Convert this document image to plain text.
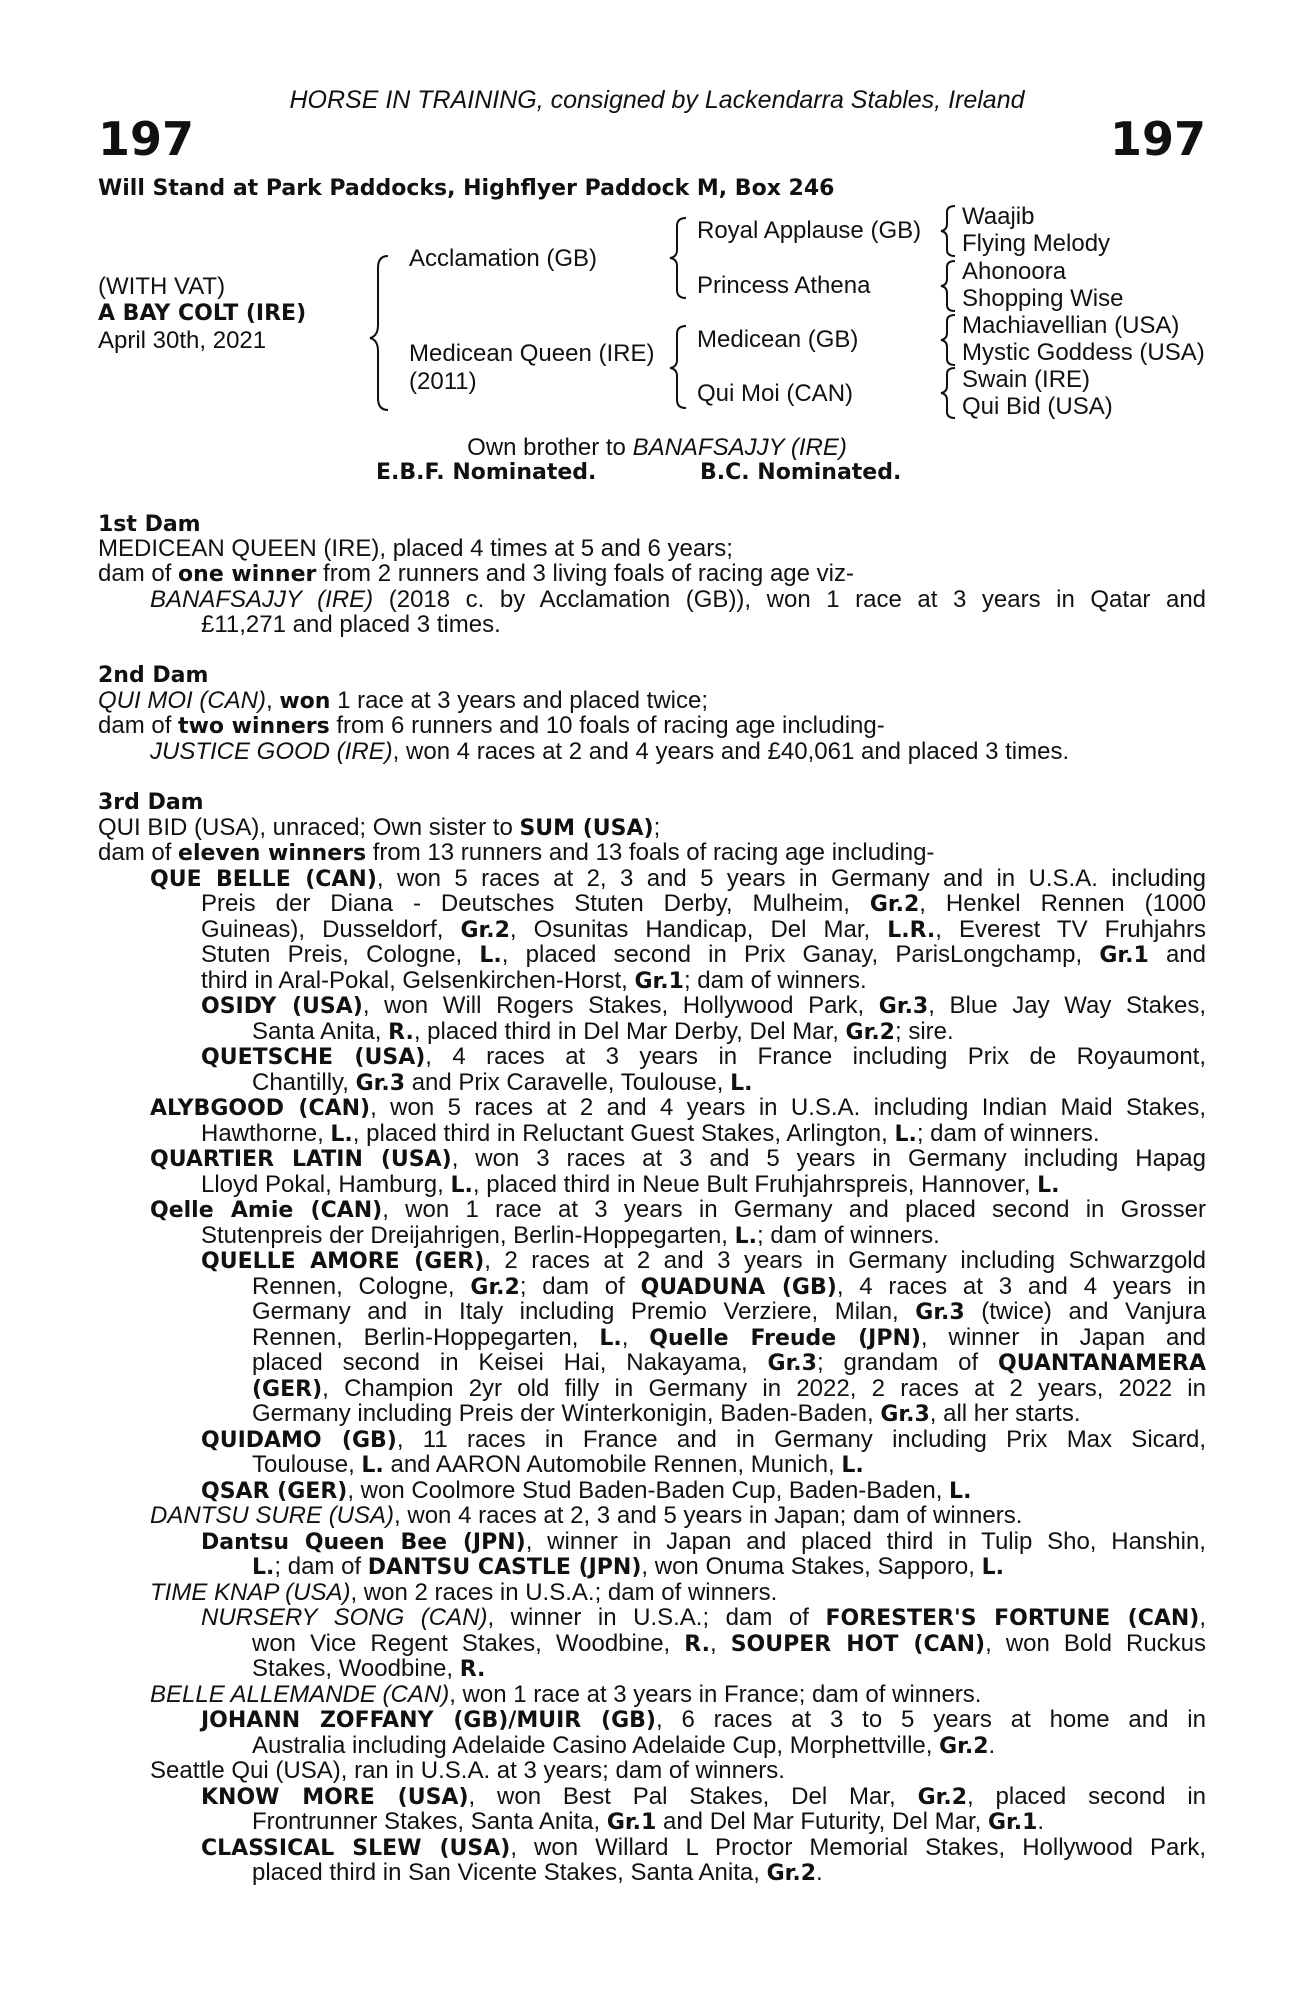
HORSE IN TRAINING, consigned by Lackendarra Stables, Ireland
197	197
Will Stand at Park Paddocks, Highflyer Paddock M, Box 246
(WITH VAT)
A BAY COLT (IRE)
April 30th, 2021
Acclamation (GB)
Medicean Queen (IRE)
(2011)
Royal Applause (GB)
Princess Athena
Medicean (GB)
Qui Moi (CAN)
Waajib
Flying Melody
Ahonoora
Shopping Wise
Machiavellian (USA)
Mystic Goddess (USA)
Swain (IRE)
Qui Bid (USA)
Own brother to BANAFSAJJY (IRE)
E.B.F. Nominated.	B.C. Nominated.
1st Dam
MEDICEAN QUEEN (IRE), placed 4 times at 5 and 6 years;
dam of one winner from 2 runners and 3 living foals of racing age viz-
BANAFSAJJY (IRE) (2018 c. by Acclamation (GB)), won 1 race at 3 years in Qatar and
£11,271 and placed 3 times.
2nd Dam
QUI MOI (CAN), won 1 race at 3 years and placed twice;
dam of two winners from 6 runners and 10 foals of racing age including-
JUSTICE GOOD (IRE), won 4 races at 2 and 4 years and £40,061 and placed 3 times.
3rd Dam
QUI BID (USA), unraced; Own sister to SUM (USA);
dam of eleven winners from 13 runners and 13 foals of racing age including-
QUE BELLE (CAN), won 5 races at 2, 3 and 5 years in Germany and in U.S.A. including
Preis der Diana - Deutsches Stuten Derby, Mulheim, Gr.2, Henkel Rennen (1000
Guineas), Dusseldorf, Gr.2, Osunitas Handicap, Del Mar, L.R., Everest TV Fruhjahrs
Stuten Preis, Cologne, L., placed second in Prix Ganay, ParisLongchamp, Gr.1 and
third in Aral-Pokal, Gelsenkirchen-Horst, Gr.1; dam of winners.
OSIDY (USA), won Will Rogers Stakes, Hollywood Park, Gr.3, Blue Jay Way Stakes,
Santa Anita, R., placed third in Del Mar Derby, Del Mar, Gr.2; sire.
QUETSCHE (USA), 4 races at 3 years in France including Prix de Royaumont,
Chantilly, Gr.3 and Prix Caravelle, Toulouse, L.
ALYBGOOD (CAN), won 5 races at 2 and 4 years in U.S.A. including Indian Maid Stakes,
Hawthorne, L., placed third in Reluctant Guest Stakes, Arlington, L.; dam of winners.
QUARTIER LATIN (USA), won 3 races at 3 and 5 years in Germany including Hapag
Lloyd Pokal, Hamburg, L., placed third in Neue Bult Fruhjahrspreis, Hannover, L.
Qelle Amie (CAN), won 1 race at 3 years in Germany and placed second in Grosser
Stutenpreis der Dreijahrigen, Berlin-Hoppegarten, L.; dam of winners.
QUELLE AMORE (GER), 2 races at 2 and 3 years in Germany including Schwarzgold
Rennen, Cologne, Gr.2; dam of QUADUNA (GB), 4 races at 3 and 4 years in
Germany and in Italy including Premio Verziere, Milan, Gr.3 (twice) and Vanjura
Rennen, Berlin-Hoppegarten, L., Quelle Freude (JPN), winner in Japan and
placed second in Keisei Hai, Nakayama, Gr.3; grandam of QUANTANAMERA
(GER), Champion 2yr old filly in Germany in 2022, 2 races at 2 years, 2022 in
Germany including Preis der Winterkonigin, Baden-Baden, Gr.3, all her starts.
QUIDAMO (GB), 11 races in France and in Germany including Prix Max Sicard,
Toulouse, L. and AARON Automobile Rennen, Munich, L.
QSAR (GER), won Coolmore Stud Baden-Baden Cup, Baden-Baden, L.
DANTSU SURE (USA), won 4 races at 2, 3 and 5 years in Japan; dam of winners.
Dantsu Queen Bee (JPN), winner in Japan and placed third in Tulip Sho, Hanshin,
L.; dam of DANTSU CASTLE (JPN), won Onuma Stakes, Sapporo, L.
TIME KNAP (USA), won 2 races in U.S.A.; dam of winners.
NURSERY SONG (CAN), winner in U.S.A.; dam of FORESTER'S FORTUNE (CAN),
won Vice Regent Stakes, Woodbine, R., SOUPER HOT (CAN), won Bold Ruckus
Stakes, Woodbine, R.
BELLE ALLEMANDE (CAN), won 1 race at 3 years in France; dam of winners.
JOHANN ZOFFANY (GB)/MUIR (GB), 6 races at 3 to 5 years at home and in
Australia including Adelaide Casino Adelaide Cup, Morphettville, Gr.2.
Seattle Qui (USA), ran in U.S.A. at 3 years; dam of winners.
KNOW MORE (USA), won Best Pal Stakes, Del Mar, Gr.2, placed second in
Frontrunner Stakes, Santa Anita, Gr.1 and Del Mar Futurity, Del Mar, Gr.1.
CLASSICAL SLEW (USA), won Willard L Proctor Memorial Stakes, Hollywood Park,
placed third in San Vicente Stakes, Santa Anita, Gr.2.
